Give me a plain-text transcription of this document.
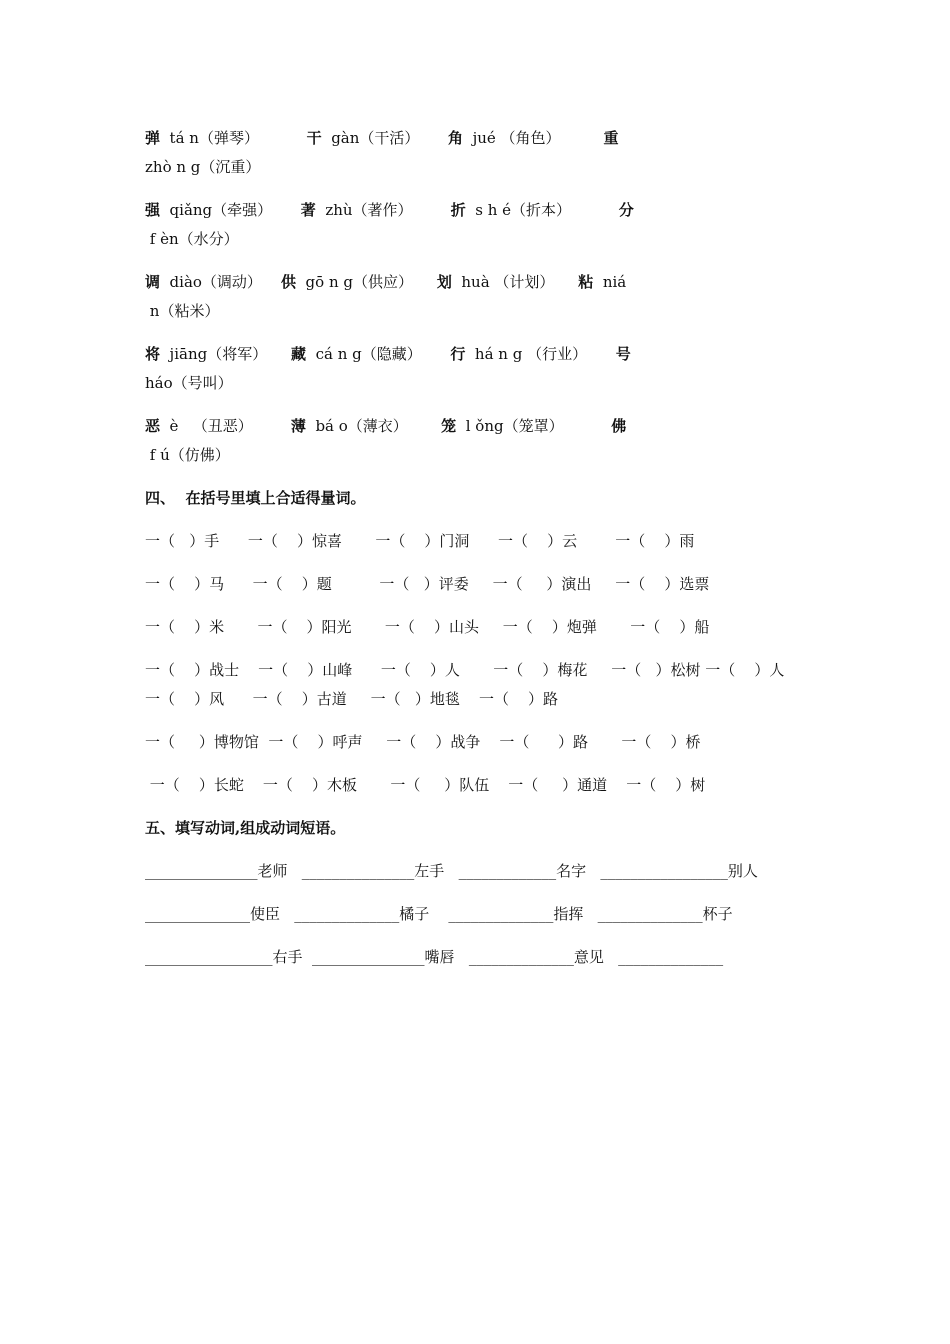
弹  tá n（弹琴）          干  gàn（干活）      角  jué （角色）         重
zhò n g（沉重）
强  qiǎng（牵强）      著  zhù（著作）        折  s h é（折本）          分
f èn（水分）
调  diào（调动）    供  gō n g（供应）     划  huà （计划）     粘  niá
n（粘米）
将  jiāng（将军）     藏  cá n g（隐藏）      行  há n g （行业）      号
háo（号叫）
恶  è   （丑恶）        薄  bá o（薄衣）       笼  l ǒng（笼罩）          佛
f ú（仿佛）
四、  在括号里填上合适得量词。
一（   ）手      一（    ）惊喜       一（    ）门洞      一（    ）云        一（    ）雨
一（    ）马      一（    ）题          一（   ）评委     一（     ）演出     一（    ）选票
一（    ）米       一（    ）阳光       一（    ）山头     一（    ）炮弹       一（    ）船
一（    ）战士    一（    ）山峰      一（    ）人       一（    ）梅花     一（   ）松树 一（    ）人        一（    ）风      一（    ）古道     一（   ）地毯    一（    ）路
一（     ）博物馆  一（    ）呼声     一（    ）战争    一（      ）路       一（    ）桥
一（    ）长蛇    一（    ）木板       一（     ）队伍    一（     ）通道    一（    ）树
五、填写动词,组成动词短语。
_______________老师   _______________左手   _____________名字   _________________别人
______________使臣   ______________橘子    ______________指挥   ______________杯子
_________________右手  _______________嘴唇   ______________意见   ______________
